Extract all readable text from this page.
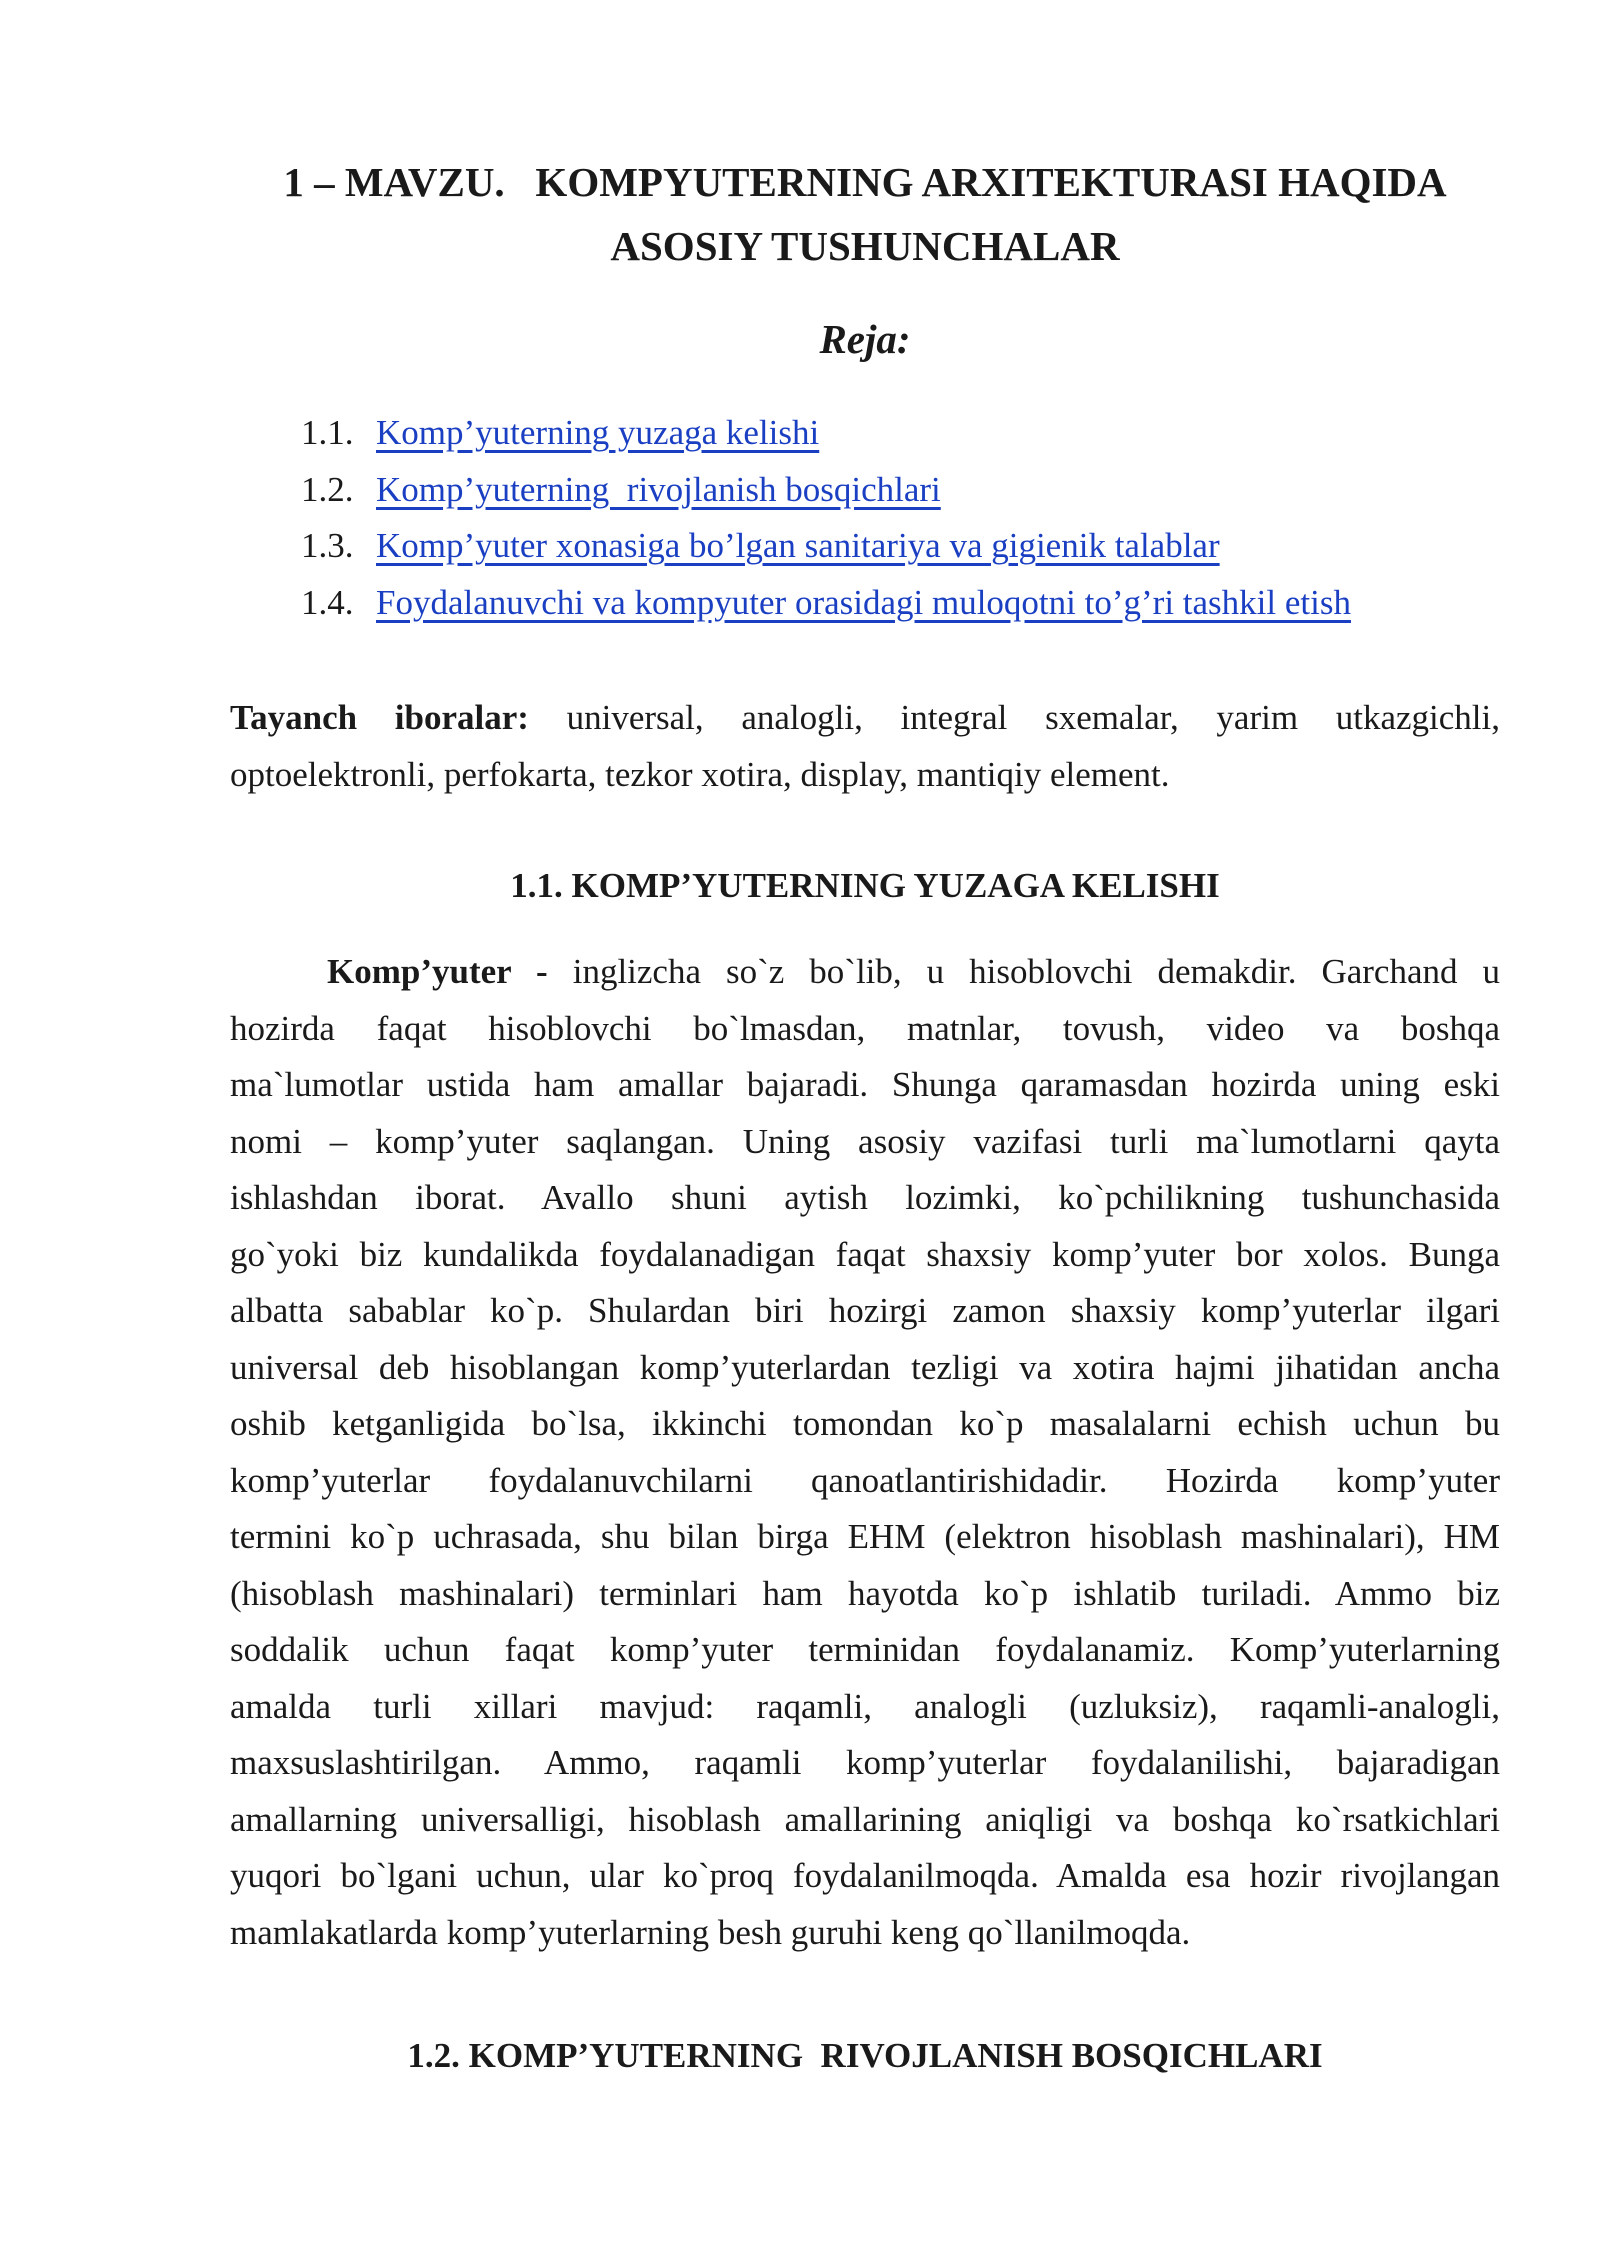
1 – MAVZU.   KOMPYUTERNING ARXITEKTURASI HAQIDA
ASOSIY TUSHUNCHALAR
Reja:
1.1. Komp’yuterning yuzaga kelishi
1.2. Komp’yuterning  rivojlanish bosqichlari
1.3. Komp’yuter xonasiga bo’lgan sanitariya va gigienik talablar
1.4. Foydalanuvchi va kompyuter orasidagi muloqotni to’g’ri tashkil etish
Tayanch iboralar: universal, analogli, integral sxemalar, yarim utkazgichli, optoelektronli, perfokarta, tezkor xotira, display, mantiqiy element.
1.1. KOMP’YUTERNING YUZAGA KELISHI
Komp’yuter - inglizcha so`z bo`lib, u hisoblovchi demakdir. Garchand u
hozirda faqat hisoblovchi bo`lmasdan, matnlar, tovush, video va boshqa
ma`lumotlar ustida ham amallar bajaradi. Shunga qaramasdan hozirda uning eski
nomi – komp’yuter saqlangan. Uning asosiy vazifasi turli ma`lumotlarni qayta
ishlashdan iborat. Avallo shuni aytish lozimki, ko`pchilikning tushunchasida
go`yoki biz kundalikda foydalanadigan faqat shaxsiy komp’yuter bor xolos. Bunga
albatta sabablar ko`p. Shulardan biri hozirgi zamon shaxsiy komp’yuterlar ilgari
universal deb hisoblangan komp’yuterlardan tezligi va xotira hajmi jihatidan ancha
oshib ketganligida bo`lsa, ikkinchi tomondan ko`p masalalarni echish uchun bu
komp’yuterlar foydalanuvchilarni qanoatlantirishidadir. Hozirda komp’yuter
termini ko`p uchrasada, shu bilan birga EHM (elektron hisoblash mashinalari), HM
(hisoblash mashinalari) terminlari ham hayotda ko`p ishlatib turiladi. Ammo biz
soddalik uchun faqat komp’yuter terminidan foydalanamiz. Komp’yuterlarning
amalda turli xillari mavjud: raqamli, analogli (uzluksiz), raqamli-analogli,
maxsuslashtirilgan. Ammo, raqamli komp’yuterlar foydalanilishi, bajaradigan
amallarning universalligi, hisoblash amallarining aniqligi va boshqa ko`rsatkichlari
yuqori bo`lgani uchun, ular ko`proq foydalanilmoqda. Amalda esa hozir rivojlangan
mamlakatlarda komp’yuterlarning besh guruhi keng qo`llanilmoqda.
1.2. KOMP’YUTERNING  RIVOJLANISH BOSQICHLARI
